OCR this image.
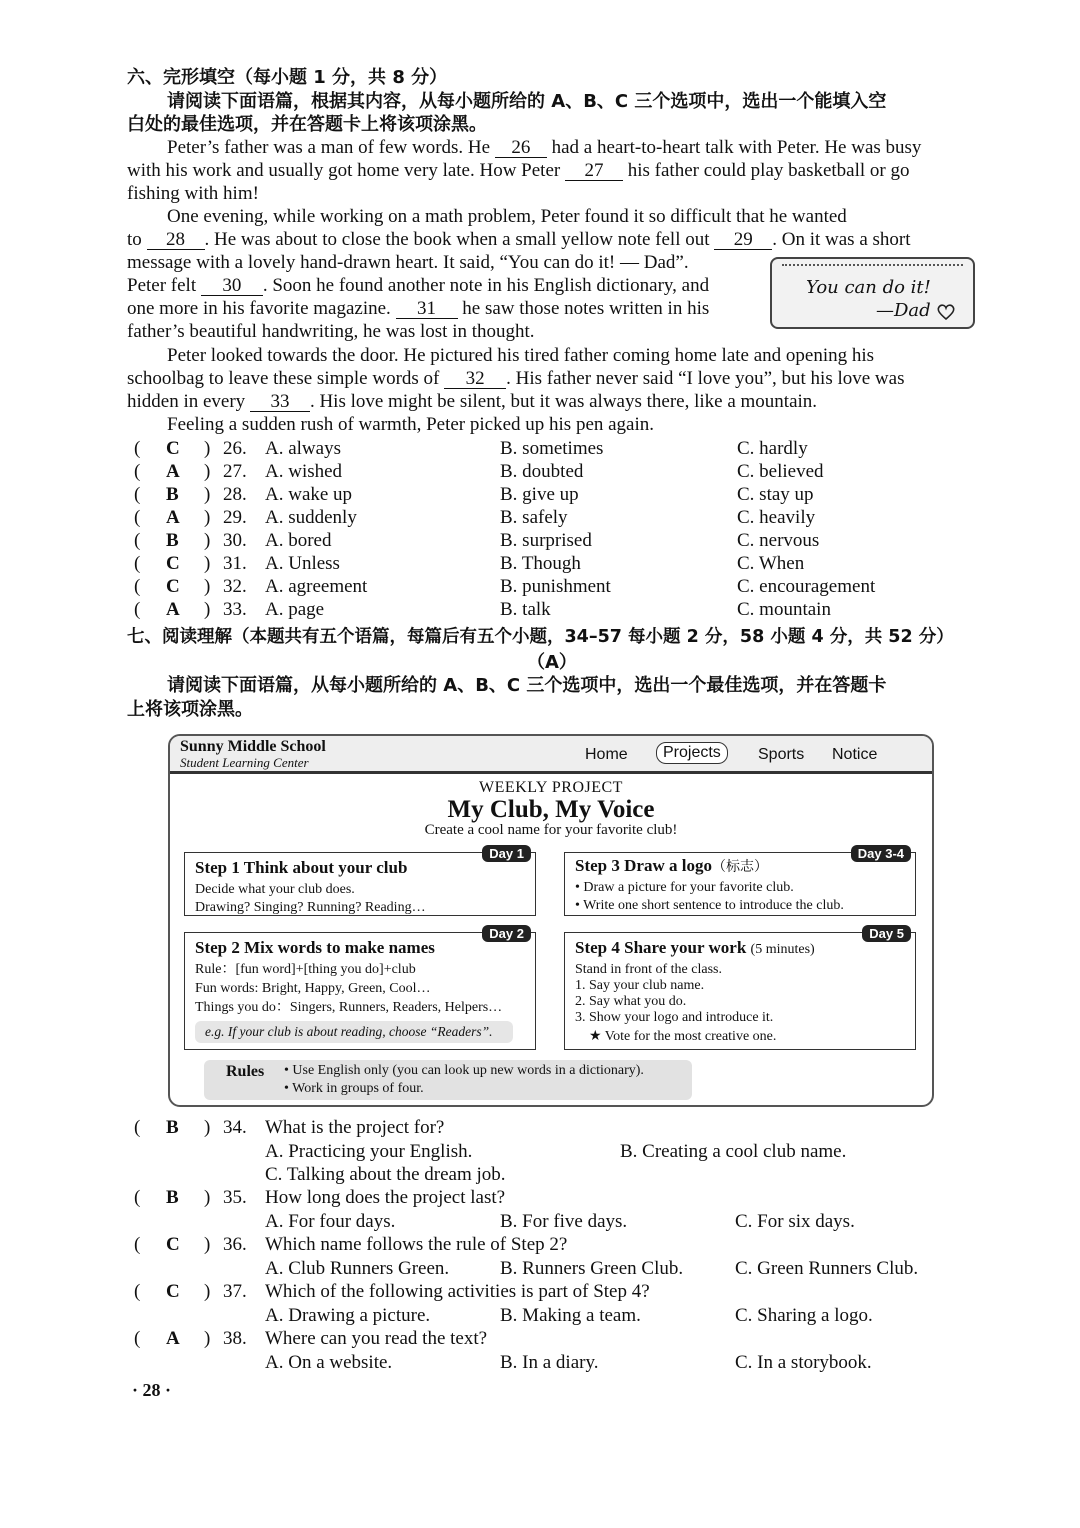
六、完形填空（每小题 1 分，共 8 分）
请阅读下面语篇，根据其内容，从每小题所给的 A、B、C 三个选项中，选出一个能填入空
白处的最佳选项，并在答题卡上将该项涂黑。
Peter’s father was a man of few words. He 26 had a heart-to-heart talk with Peter. He was busy
with his work and usually got home very late. How Peter 27 his father could play basketball or go
fishing with him!
One evening, while working on a math problem, Peter found it so difficult that he wanted
to 28 . He was about to close the book when a small yellow note fell out 29 . On it was a short
message with a lovely hand-drawn heart. It said, “You can do it! — Dad”.
Peter felt 30 . Soon he found another note in his English dictionary, and
one more in his favorite magazine. 31 he saw those notes written in his
father’s beautiful handwriting, he was lost in thought.
You can do it!
—Dad
Peter looked towards the door. He pictured his tired father coming home late and opening his
schoolbag to leave these simple words of 32 . His father never said “I love you”, but his love was
hidden in every 33 . His love might be silent, but it was always there, like a mountain.
Feeling a sudden rush of warmth, Peter picked up his pen again.
( C ) 26. A. always	B. sometimes	C. hardly
( A ) 27. A. wished	B. doubted	C. believed
( B ) 28. A. wake up	B. give up	C. stay up
( A ) 29. A. suddenly	B. safely	C. heavily
( B ) 30. A. bored	B. surprised	C. nervous
( C ) 31. A. Unless	B. Though	C. When
( C ) 32. A. agreement	B. punishment	C. encouragement
( A ) 33. A. page	B. talk	C. mountain
七、阅读理解（本题共有五个语篇，每篇后有五个小题，34–57 每小题 2 分，58 小题 4 分，共 52 分）
（A）
请阅读下面语篇，从每小题所给的 A、B、C 三个选项中，选出一个最佳选项，并在答题卡
上将该项涂黑。
Sunny Middle School
Student Learning Center	Home	Projects	Sports Notice
WEEKLY PROJECT
My Club, My Voice
Create a cool name for your favorite club!
Day 1
Step 1 Think about your club
Decide what your club does.
Drawing? Singing? Running? Reading…
Day 3-4
Step 3 Draw a logo（标志）
• Draw a picture for your favorite club.
• Write one short sentence to introduce the club.
Day 2
Step 2 Mix words to make names
Rule：[fun word]+[thing you do]+club
Fun words: Bright, Happy, Green, Cool…
Things you do：Singers, Runners, Readers, Helpers…
e.g. If your club is about reading, choose “Readers”.
Day 5
Step 4 Share your work (5 minutes)
Stand in front of the class.
1. Say your club name.
2. Say what you do.
3. Show your logo and introduce it.
★ Vote for the most creative one.
Rules • Use English only (you can look up new words in a dictionary).
• Work in groups of four.
( B ) 34. What is the project for?
A. Practicing your English.	B. Creating a cool club name.
C. Talking about the dream job.
( B ) 35. How long does the project last?
A. For four days.	B. For five days.	C. For six days.
( C ) 36. Which name follows the rule of Step 2?
A. Club Runners Green.	B. Runners Green Club.	C. Green Runners Club.
( C ) 37. Which of the following activities is part of Step 4?
A. Drawing a picture.	B. Making a team.	C. Sharing a logo.
( A ) 38. Where can you read the text?
A. On a website.	B. In a diary.	C. In a storybook.
· 28 ·
